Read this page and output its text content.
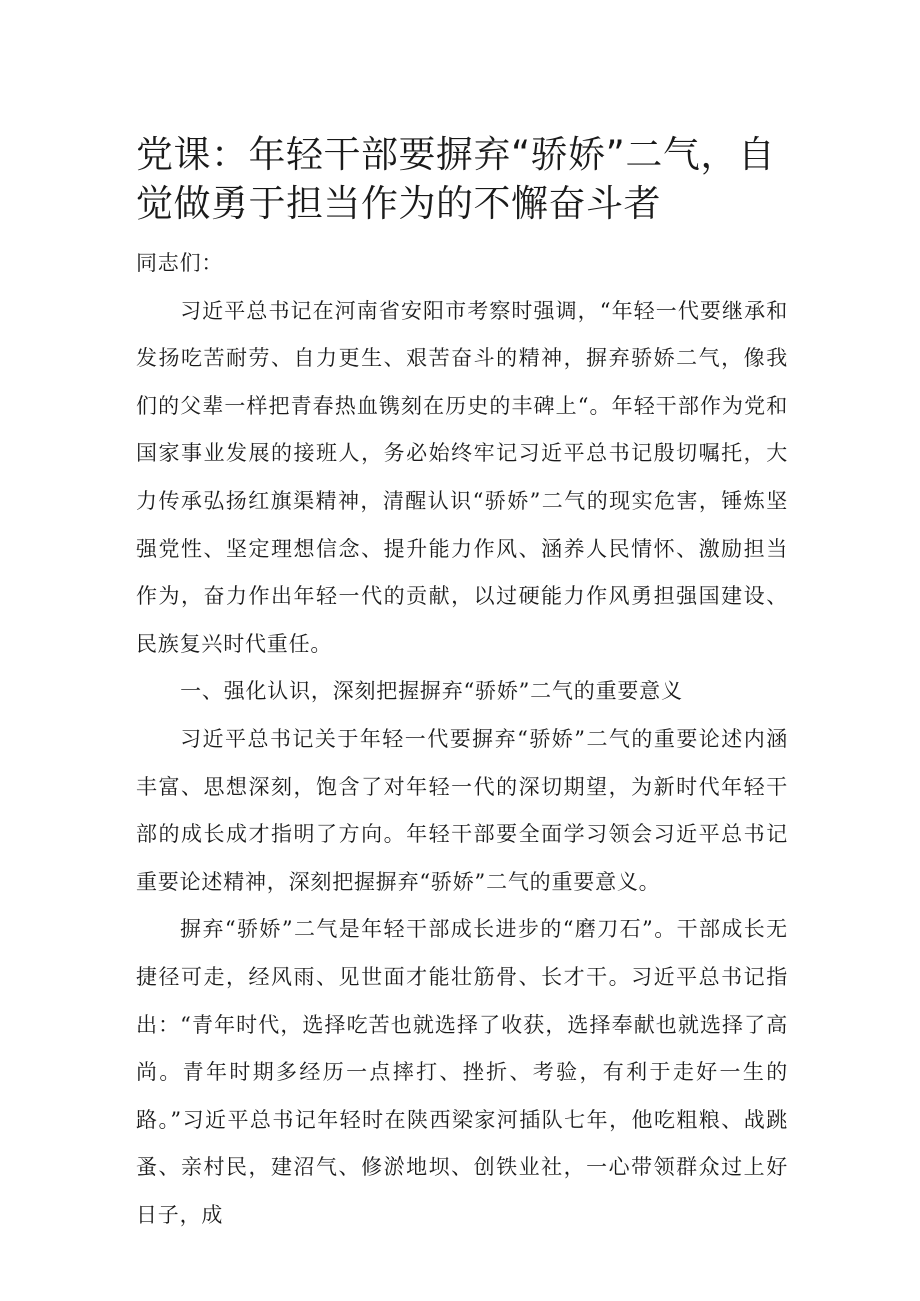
党课：年轻干部要摒弃“骄娇”二气，自觉做勇于担当作为的不懈奋斗者

同志们：

习近平总书记在河南省安阳市考察时强调，“年轻一代要继承和发扬吃苦耐劳、自力更生、艰苦奋斗的精神，摒弃骄娇二气，像我们的父辈一样把青春热血镌刻在历史的丰碑上“。年轻干部作为党和国家事业发展的接班人，务必始终牢记习近平总书记殷切嘱托，大力传承弘扬红旗渠精神，清醒认识“骄娇”二气的现实危害，锤炼坚强党性、坚定理想信念、提升能力作风、涵养人民情怀、激励担当作为，奋力作出年轻一代的贡献，以过硬能力作风勇担强国建设、民族复兴时代重任。

一、强化认识，深刻把握摒弃“骄娇”二气的重要意义

习近平总书记关于年轻一代要摒弃“骄娇”二气的重要论述内涵丰富、思想深刻，饱含了对年轻一代的深切期望，为新时代年轻干部的成长成才指明了方向。年轻干部要全面学习领会习近平总书记重要论述精神，深刻把握摒弃“骄娇”二气的重要意义。

摒弃“骄娇”二气是年轻干部成长进步的“磨刀石”。干部成长无捷径可走，经风雨、见世面才能壮筋骨、长才干。习近平总书记指出：“青年时代，选择吃苦也就选择了收获，选择奉献也就选择了高尚。青年时期多经历一点摔打、挫折、考验，有利于走好一生的路。”习近平总书记年轻时在陕西梁家河插队七年，他吃粗粮、战跳蚤、亲村民，建沼气、修淤地坝、创铁业社，一心带领群众过上好日子，成
